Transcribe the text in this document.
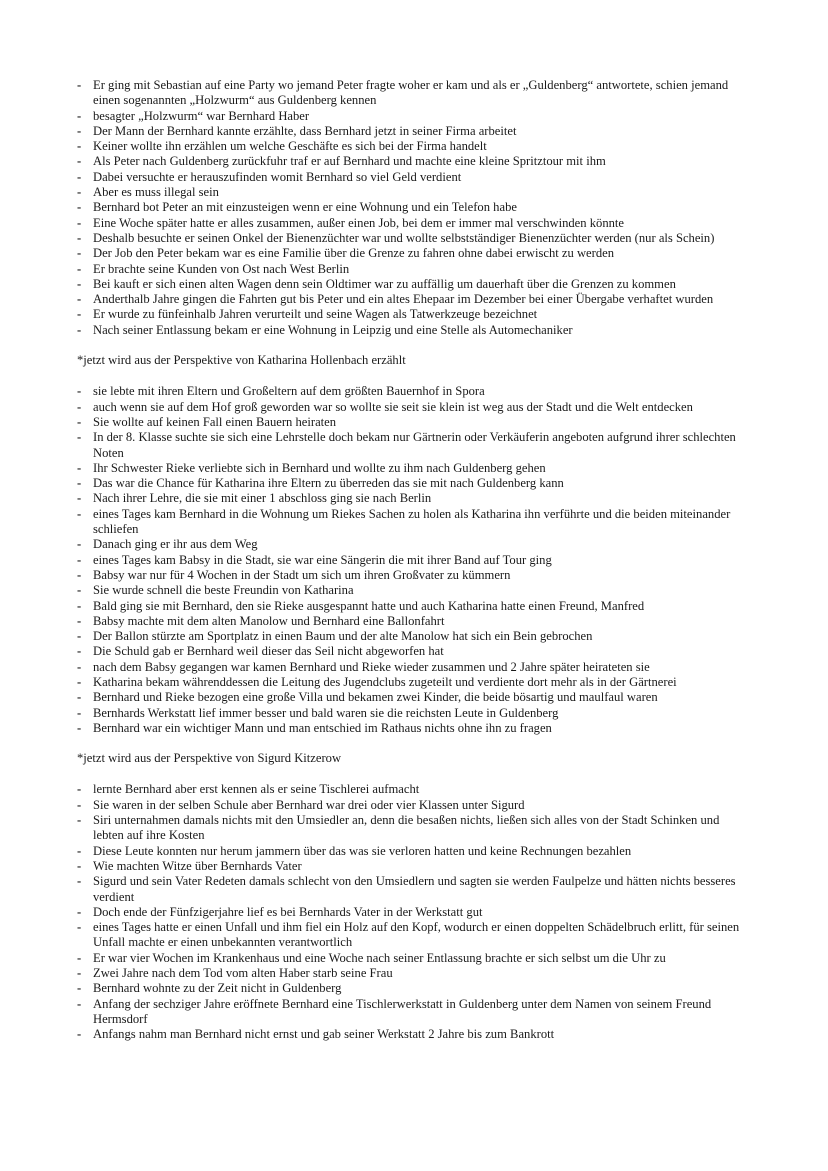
- Er ging mit Sebastian auf eine Party wo jemand Peter fragte woher er kam und als er „Guldenberg“ antwortete, schien jemand einen sogenannten „Holzwurm“ aus Guldenberg kennen
- besagter „Holzwurm“ war Bernhard Haber
- Der Mann der Bernhard kannte erzählte, dass Bernhard jetzt in seiner Firma arbeitet
- Keiner wollte ihn erzählen um welche Geschäfte es sich bei der Firma handelt
- Als Peter nach Guldenberg zurückfuhr traf er auf Bernhard und machte eine kleine Spritztour mit ihm
- Dabei versuchte er herauszufinden womit Bernhard so viel Geld verdient
- Aber es muss illegal sein
- Bernhard bot Peter an mit einzusteigen wenn er eine Wohnung und ein Telefon habe
- Eine Woche später hatte er alles zusammen, außer einen Job, bei dem er immer mal verschwinden könnte
- Deshalb besuchte er seinen Onkel der Bienenzüchter war und wollte selbstständiger Bienenzüchter werden (nur als Schein)
- Der Job den Peter bekam war es eine Familie über die Grenze zu fahren ohne dabei erwischt zu werden
- Er brachte seine Kunden von Ost nach West Berlin
- Bei kauft er sich einen alten Wagen denn sein Oldtimer war zu auffällig um dauerhaft über die Grenzen zu kommen
- Anderthalb Jahre gingen die Fahrten gut bis Peter und ein altes Ehepaar im Dezember bei einer Übergabe verhaftet wurden
- Er wurde zu fünfeinhalb Jahren verurteilt und seine Wagen als Tatwerkzeuge bezeichnet
- Nach seiner Entlassung bekam er eine Wohnung in Leipzig und eine Stelle als Automechaniker

*jetzt wird aus der Perspektive von Katharina Hollenbach erzählt

- sie lebte mit ihren Eltern und Großeltern auf dem größten Bauernhof in Spora
- auch wenn sie auf dem Hof groß geworden war so wollte sie seit sie klein ist weg aus der Stadt und die Welt entdecken
- Sie wollte auf keinen Fall einen Bauern heiraten
- In der 8. Klasse suchte sie sich eine Lehrstelle doch bekam nur Gärtnerin oder Verkäuferin angeboten aufgrund ihrer schlechten Noten
- Ihr Schwester Rieke verliebte sich in Bernhard und wollte zu ihm nach Guldenberg gehen
- Das war die Chance für Katharina ihre Eltern zu überreden das sie mit nach Guldenberg kann
- Nach ihrer Lehre, die sie mit einer 1 abschloss ging sie nach Berlin
- eines Tages kam Bernhard in die Wohnung um Riekes Sachen zu holen als Katharina ihn verführte und die beiden miteinander schliefen
- Danach ging er ihr aus dem Weg
- eines Tages kam Babsy in die Stadt, sie war eine Sängerin die mit ihrer Band auf Tour ging
- Babsy war nur für 4 Wochen in der Stadt um sich um ihren Großvater zu kümmern
- Sie wurde schnell die beste Freundin von Katharina
- Bald ging sie mit Bernhard, den sie Rieke ausgespannt hatte und auch Katharina hatte einen Freund, Manfred
- Babsy machte mit dem alten Manolow und Bernhard eine Ballonfahrt
- Der Ballon stürzte am Sportplatz in einen Baum und der alte Manolow hat sich ein Bein gebrochen
- Die Schuld gab er Bernhard weil dieser das Seil nicht abgeworfen hat
- nach dem Babsy gegangen war kamen Bernhard und Rieke wieder zusammen und 2 Jahre später heirateten sie
- Katharina bekam währenddessen die Leitung des Jugendclubs zugeteilt und verdiente dort mehr als in der Gärtnerei
- Bernhard und Rieke bezogen eine große Villa und bekamen zwei Kinder, die beide bösartig und maulfaul waren
- Bernhards Werkstatt lief immer besser und bald waren sie die reichsten Leute in Guldenberg
- Bernhard war ein wichtiger Mann und man entschied im Rathaus nichts ohne ihn zu fragen

*jetzt wird aus der Perspektive von Sigurd Kitzerow

- lernte Bernhard aber erst kennen als er seine Tischlerei aufmacht
- Sie waren in der selben Schule aber Bernhard war drei oder vier Klassen unter Sigurd
- Siri unternahmen damals nichts mit den Umsiedler an, denn die besaßen nichts, ließen sich alles von der Stadt Schinken und lebten auf ihre Kosten
- Diese Leute konnten nur herum jammern über das was sie verloren hatten und keine Rechnungen bezahlen
- Wie machten Witze über Bernhards Vater
- Sigurd und sein Vater Redeten damals schlecht von den Umsiedlern und sagten sie werden Faulpelze und hätten nichts besseres verdient
- Doch ende der Fünfzigerjahre lief es bei Bernhards Vater in der Werkstatt gut
- eines Tages hatte er einen Unfall und ihm fiel ein Holz auf den Kopf, wodurch er einen doppelten Schädelbruch erlitt, für seinen Unfall machte er einen unbekannten verantwortlich
- Er war vier Wochen im Krankenhaus und eine Woche nach seiner Entlassung brachte er sich selbst um die Uhr zu
- Zwei Jahre nach dem Tod vom alten Haber starb seine Frau
- Bernhard wohnte zu der Zeit nicht in Guldenberg
- Anfang der sechziger Jahre eröffnete Bernhard eine Tischlerwerkstatt in Guldenberg unter dem Namen von seinem Freund Hermsdorf
- Anfangs nahm man Bernhard nicht ernst und gab seiner Werkstatt 2 Jahre bis zum Bankrott
